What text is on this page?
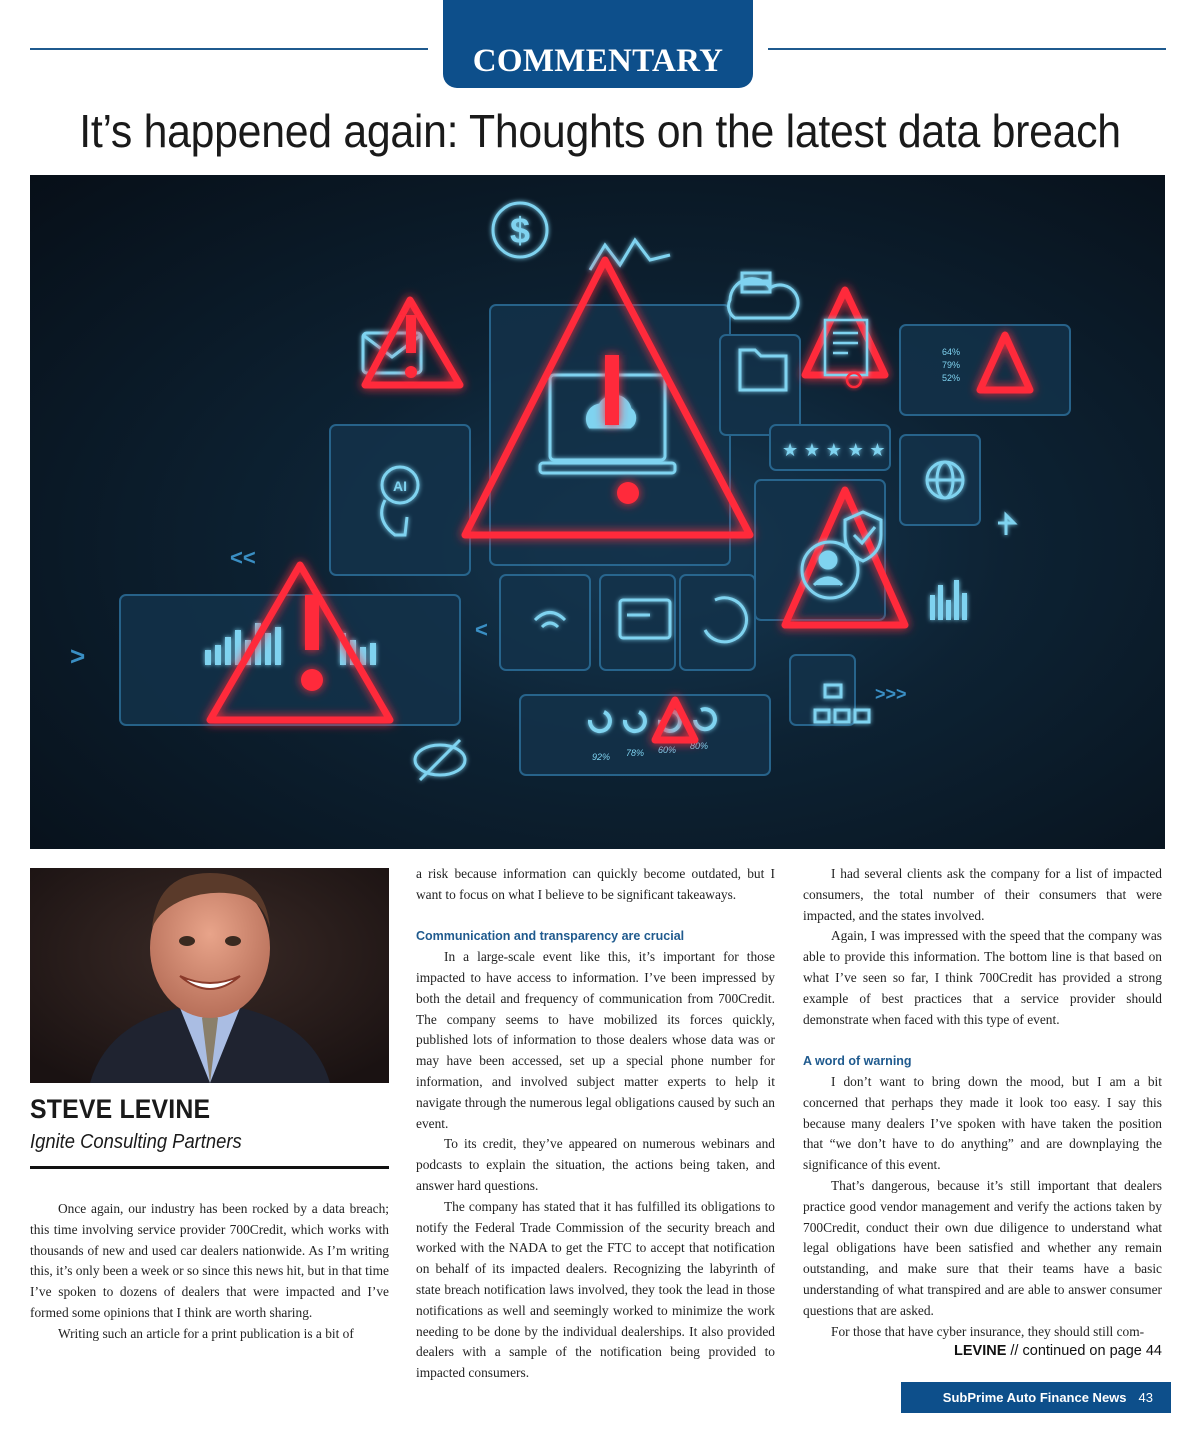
COMMENTARY
It’s happened again: Thoughts on the latest data breach
$
AI
★ ★ ★ ★ ★
<<
>>>
<
>
64%
79%
52%
92% 78% 60% 80%
STEVE LEVINE

Ignite Consulting Partners

Once again, our industry has been rocked by a data breach; this time involving service provider 700Credit, which works with thousands of new and used car dealers nationwide. As I’m writing this, it’s only been a week or so since this news hit, but in that time I’ve spoken to dozens of dealers that were impacted and I’ve formed some opinions that I think are worth sharing.

Writing such an article for a print publication is a bit of

a risk because information can quickly become outdated, but I want to focus on what I believe to be significant takeaways.

Communication and transparency are crucial

In a large-scale event like this, it’s important for those impacted to have access to information. I’ve been impressed by both the detail and frequency of communication from 700Credit. The company seems to have mobilized its forces quickly, published lots of information to those dealers whose data was or may have been accessed, set up a special phone number for information, and involved subject matter experts to help it navigate through the numerous legal obligations caused by such an event.

To its credit, they’ve appeared on numerous webinars and podcasts to explain the situation, the actions being taken, and answer hard questions.

The company has stated that it has fulfilled its obligations to notify the Federal Trade Commission of the security breach and worked with the NADA to get the FTC to accept that notification on behalf of its impacted dealers. Recognizing the labyrinth of state breach notification laws involved, they took the lead in those notifications as well and seemingly worked to minimize the work needing to be done by the individual dealerships. It also provided dealers with a sample of the notification being provided to impacted consumers.

I had several clients ask the company for a list of impacted consumers, the total number of their consumers that were impacted, and the states involved.

Again, I was impressed with the speed that the company was able to provide this information. The bottom line is that based on what I’ve seen so far, I think 700Credit has provided a strong example of best practices that a service provider should demonstrate when faced with this type of event.

A word of warning

I don’t want to bring down the mood, but I am a bit concerned that perhaps they made it look too easy. I say this because many dealers I’ve spoken with have taken the position that “we don’t have to do anything” and are downplaying the significance of this event.

That’s dangerous, because it’s still important that dealers practice good vendor management and verify the actions taken by 700Credit, conduct their own due diligence to understand what legal obligations have been satisfied and whether any remain outstanding, and make sure that their teams have a basic understanding of what transpired and are able to answer consumer questions that are asked.

For those that have cyber insurance, they should still com-

LEVINE // continued on page 44
SubPrime Auto Finance News 43
